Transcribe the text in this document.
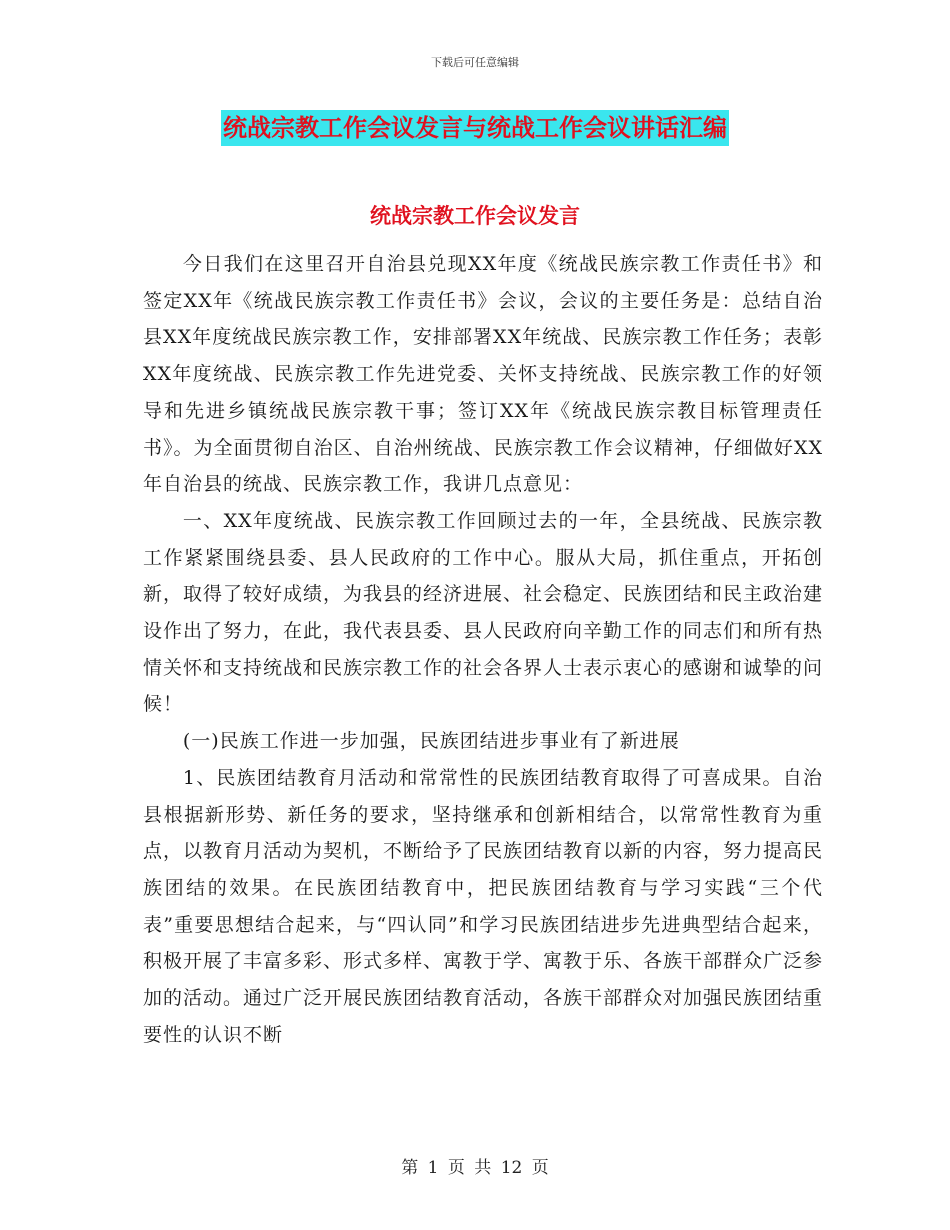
下载后可任意编辑
统战宗教工作会议发言与统战工作会议讲话汇编
统战宗教工作会议发言

今日我们在这里召开自治县兑现XX年度《统战民族宗教工作责任书》和签定XX年《统战民族宗教工作责任书》会议，会议的主要任务是：总结自治县XX年度统战民族宗教工作，安排部署XX年统战、民族宗教工作任务；表彰XX年度统战、民族宗教工作先进党委、关怀支持统战、民族宗教工作的好领导和先进乡镇统战民族宗教干事；签订XX年《统战民族宗教目标管理责任书》。为全面贯彻自治区、自治州统战、民族宗教工作会议精神，仔细做好XX年自治县的统战、民族宗教工作，我讲几点意见：

一、XX年度统战、民族宗教工作回顾过去的一年，全县统战、民族宗教工作紧紧围绕县委、县人民政府的工作中心。服从大局，抓住重点，开拓创新，取得了较好成绩，为我县的经济进展、社会稳定、民族团结和民主政治建设作出了努力，在此，我代表县委、县人民政府向辛勤工作的同志们和所有热情关怀和支持统战和民族宗教工作的社会各界人士表示衷心的感谢和诚挚的问候！

(一)民族工作进一步加强，民族团结进步事业有了新进展

1、民族团结教育月活动和常常性的民族团结教育取得了可喜成果。自治县根据新形势、新任务的要求，坚持继承和创新相结合，以常常性教育为重点，以教育月活动为契机，不断给予了民族团结教育以新的内容，努力提高民族团结的效果。在民族团结教育中，把民族团结教育与学习实践“三个代表”重要思想结合起来，与“四认同”和学习民族团结进步先进典型结合起来，积极开展了丰富多彩、形式多样、寓教于学、寓教于乐、各族干部群众广泛参加的活动。通过广泛开展民族团结教育活动，各族干部群众对加强民族团结重要性的认识不断

第 1 页 共 12 页
